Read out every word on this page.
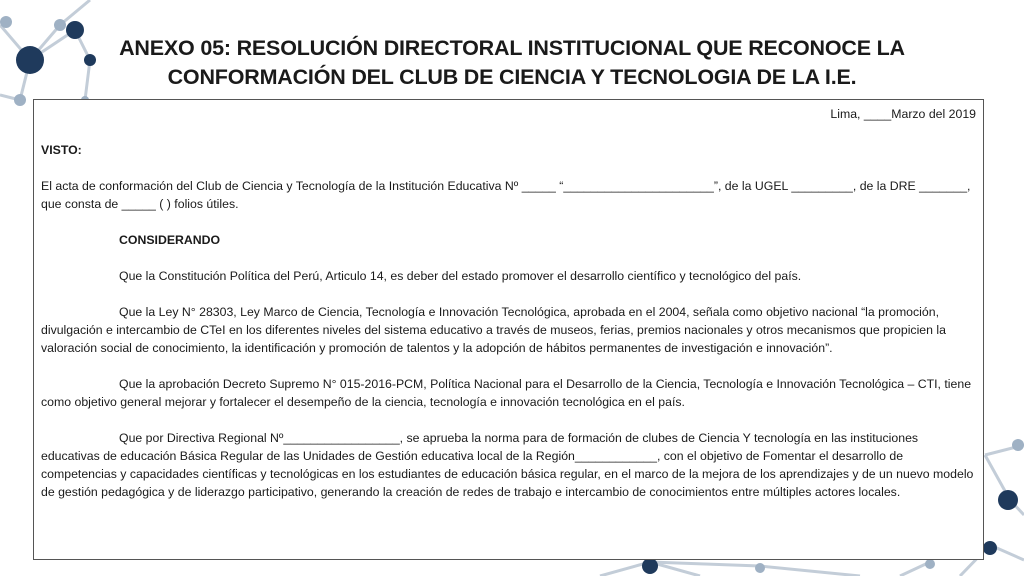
ANEXO 05: RESOLUCIÓN DIRECTORAL INSTITUCIONAL QUE RECONOCE LA
CONFORMACIÓN DEL CLUB DE CIENCIA Y TECNOLOGIA DE LA I.E.

Lima, ____Marzo del 2019

VISTO:

El acta de conformación del Club de Ciencia y Tecnología de la Institución Educativa Nº _____ “______________________”, de la UGEL _________, de la DRE _______, que consta de _____ ( ) folios útiles.

CONSIDERANDO

Que la Constitución Política del Perú, Articulo 14, es deber del estado promover el desarrollo científico y tecnológico del país.

Que la Ley N° 28303, Ley Marco de Ciencia, Tecnología e Innovación Tecnológica, aprobada en el 2004, señala como objetivo nacional “la promoción, divulgación e intercambio de CTeI en los diferentes niveles del sistema educativo a través de museos, ferias, premios nacionales y otros mecanismos que propicien la valoración social de conocimiento, la identificación y promoción de talentos y la adopción de hábitos permanentes de investigación e innovación”.

Que la aprobación Decreto Supremo N° 015-2016-PCM, Política Nacional para el Desarrollo de la Ciencia, Tecnología e Innovación Tecnológica – CTI, tiene como objetivo general mejorar y fortalecer el desempeño de la ciencia, tecnología e innovación tecnológica en el país.

Que por Directiva Regional Nº_________________, se aprueba la norma para de formación de clubes de Ciencia Y tecnología en las instituciones educativas de educación Básica Regular de las Unidades de Gestión educativa local de la Región____________, con el objetivo de Fomentar el desarrollo de competencias y capacidades científicas y tecnológicas en los estudiantes de educación básica regular, en el marco de la mejora de los aprendizajes y de un nuevo modelo de gestión pedagógica y de liderazgo participativo, generando la creación de redes de trabajo e intercambio de conocimientos entre múltiples actores locales.
